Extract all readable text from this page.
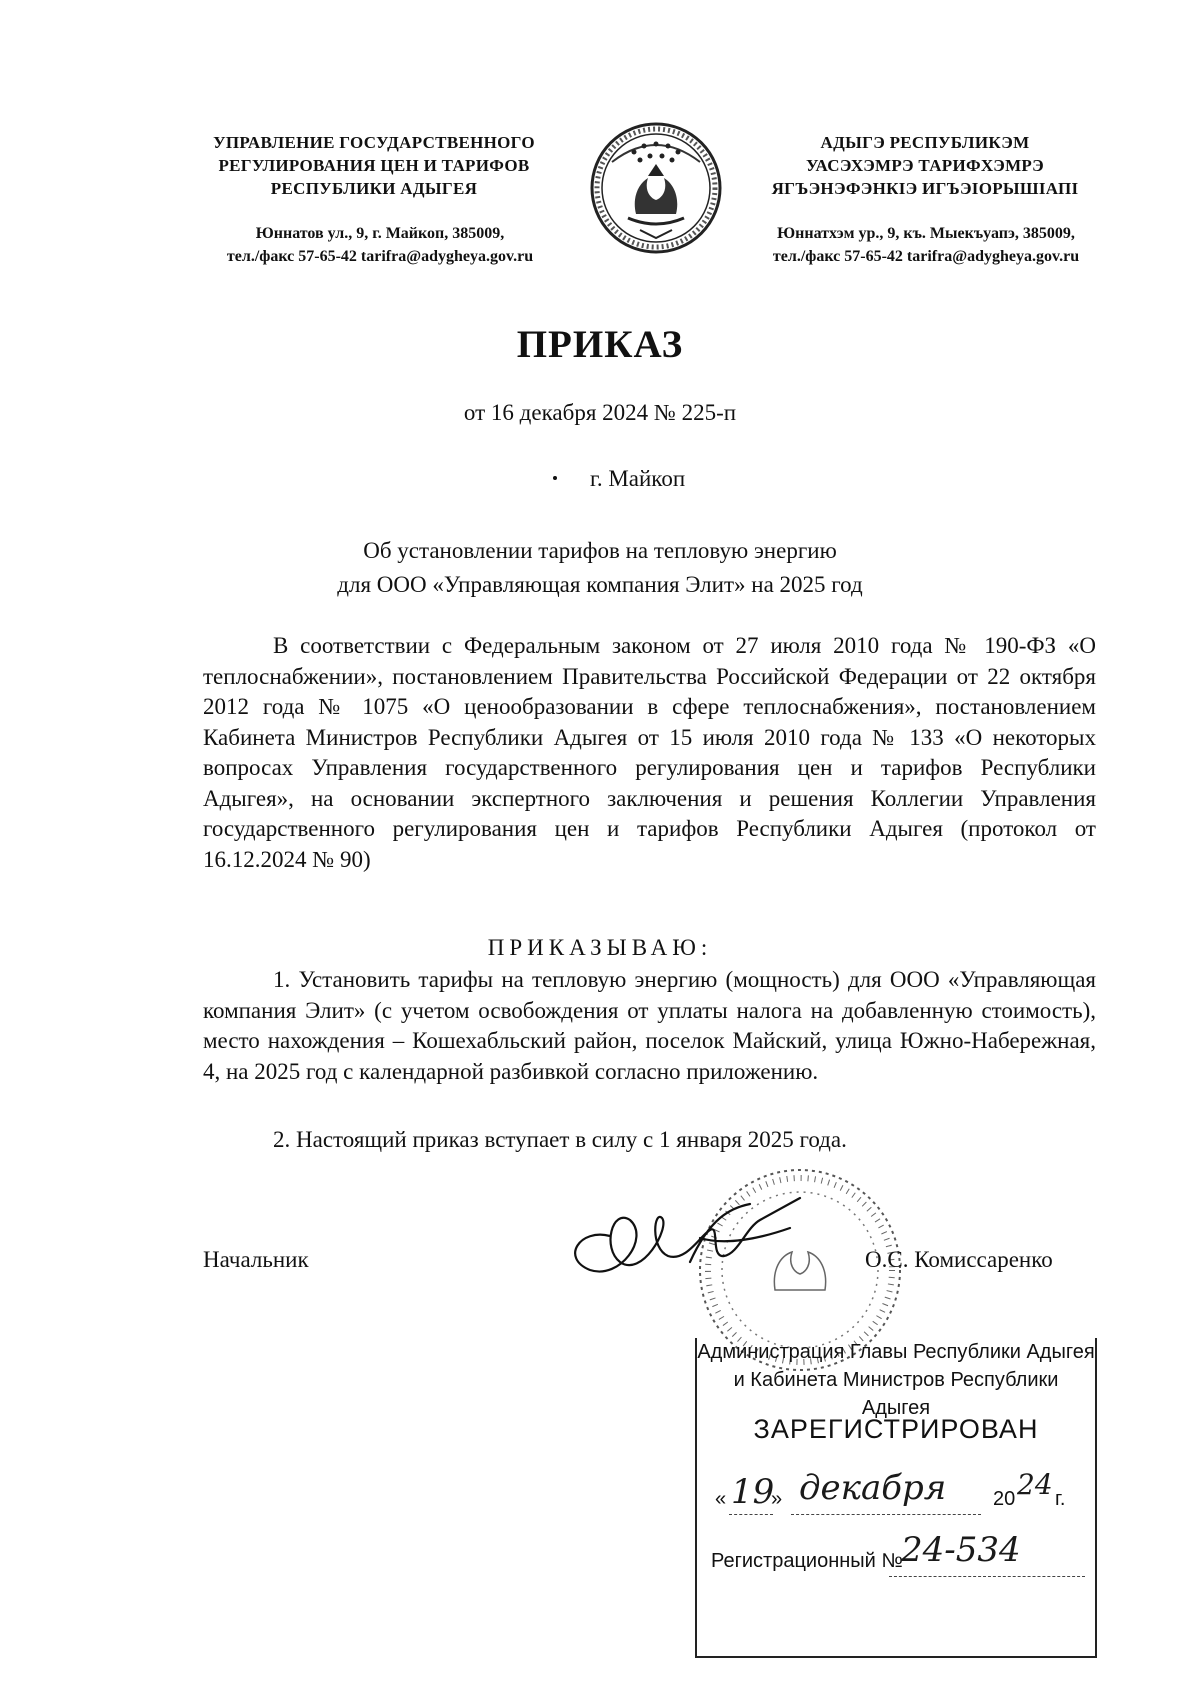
УПРАВЛЕНИЕ ГОСУДАРСТВЕННОГО
РЕГУЛИРОВАНИЯ ЦЕН И ТАРИФОВ
РЕСПУБЛИКИ АДЫГЕЯ
Юннатов ул., 9, г. Майкоп, 385009,
тел./факс 57-65-42 tarifra@adygheya.gov.ru
АДЫГЭ РЕСПУБЛИКЭМ
УАСЭХЭМРЭ ТАРИФХЭМРЭ
ЯГЪЭНЭФЭНКIЭ ИГЪЭIОРЫШIАПI
Юннатхэм ур., 9, къ. Мыекъуапэ, 385009,
тел./факс 57-65-42 tarifra@adygheya.gov.ru
ПРИКАЗ
от 16 декабря 2024 № 225-п
г. Майкоп
Об установлении тарифов на тепловую энергию
для ООО «Управляющая компания Элит» на 2025 год
В соответствии с Федеральным законом от 27 июля 2010 года № 190-ФЗ «О теплоснабжении», постановлением Правительства Российской Федерации от 22 октября 2012 года № 1075 «О ценообразовании в сфере теплоснабжения», постановлением Кабинета Министров Республики Адыгея от 15 июля 2010 года № 133 «О некоторых вопросах Управления государственного регулирования цен и тарифов Республики Адыгея», на основании экспертного заключения и решения Коллегии Управления государственного регулирования цен и тарифов Республики Адыгея (протокол от 16.12.2024 № 90)
ПРИКАЗЫВАЮ:
1. Установить тарифы на тепловую энергию (мощность) для ООО «Управляющая компания Элит» (с учетом освобождения от уплаты налога на добавленную стоимость), место нахождения – Кошехабльский район, поселок Майский, улица Южно-Набережная, 4, на 2025 год с календарной разбивкой согласно приложению.
2. Настоящий приказ вступает в силу с 1 января 2025 года.
Начальник	О.С. Комиссаренко
Администрация Главы Республики Адыгея
и Кабинета Министров Республики Адыгея
ЗАРЕГИСТРИРОВАН
« 19
» декабря 20 24 г.
Регистрационный №
24-534
